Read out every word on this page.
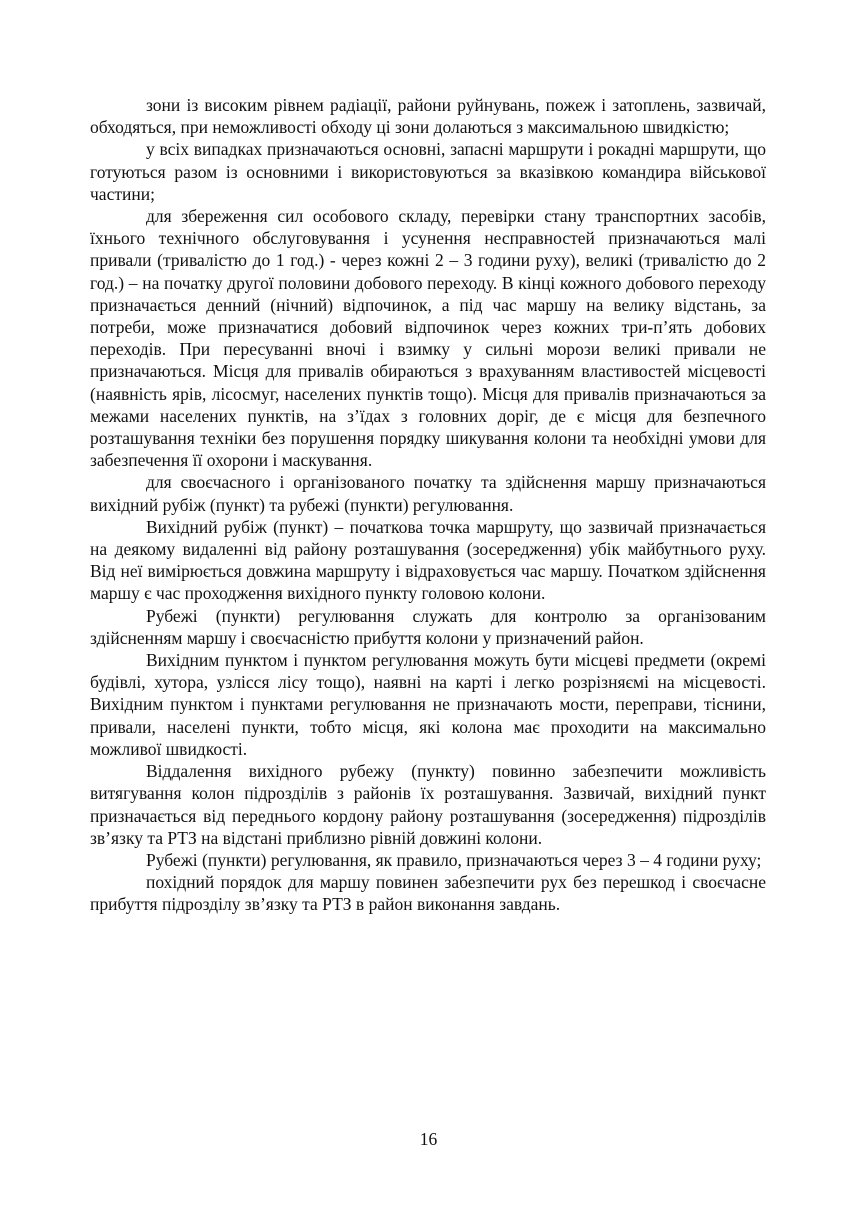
зони із високим рівнем радіації, райони руйнувань, пожеж і затоплень, зазвичай, обходяться, при неможливості обходу ці зони долаються з максимальною швидкістю;

у всіх випадках призначаються основні, запасні маршрути і рокадні маршрути, що готуються разом із основними і використовуються за вказівкою командира військової частини;

для збереження сил особового складу, перевірки стану транспортних засобів, їхнього технічного обслуговування і усунення несправностей призначаються малі привали (тривалістю до 1 год.) - через кожні 2 – 3 години руху), великі (тривалістю до 2 год.) – на початку другої половини добового переходу. В кінці кожного добового переходу призначається денний (нічний) відпочинок, а під час маршу на велику відстань, за потреби, може призначатися добовий відпочинок через кожних три-п’ять добових переходів. При пересуванні вночі і взимку у сильні морози великі привали не призначаються. Місця для привалів обираються з врахуванням властивостей місцевості (наявність ярів, лісосмуг, населених пунктів тощо). Місця для привалів призначаються за межами населених пунктів, на з’їдах з головних доріг, де є місця для безпечного розташування техніки без порушення порядку шикування колони та необхідні умови для забезпечення її охорони і маскування.

для своєчасного і організованого початку та здійснення маршу призначаються вихідний рубіж (пункт) та рубежі (пункти) регулювання.

Вихідний рубіж (пункт) – початкова точка маршруту, що зазвичай призначається на деякому видаленні від району розташування (зосередження) убік майбутнього руху. Від неї вимірюється довжина маршруту і відраховується час маршу. Початком здійснення маршу є час проходження вихідного пункту головою колони.

Рубежі (пункти) регулювання служать для контролю за організованим здійсненням маршу і своєчасністю прибуття колони у призначений район.

Вихідним пунктом і пунктом регулювання можуть бути місцеві предмети (окремі будівлі, хутора, узлісся лісу тощо), наявні на карті і легко розрізняємі на місцевості. Вихідним пунктом і пунктами регулювання не призначають мости, переправи, тіснини, привали, населені пункти, тобто місця, які колона має проходити на максимально можливої швидкості.

Віддалення вихідного рубежу (пункту) повинно забезпечити можливість витягування колон підрозділів з районів їх розташування. Зазвичай, вихідний пункт призначається від переднього кордону району розташування (зосередження) підрозділів зв’язку та РТЗ на відстані приблизно рівній довжині колони.

Рубежі (пункти) регулювання, як правило, призначаються через 3 – 4 години руху;

похідний порядок для маршу повинен забезпечити рух без перешкод і своєчасне прибуття підрозділу зв’язку та РТЗ в район виконання завдань.

16
